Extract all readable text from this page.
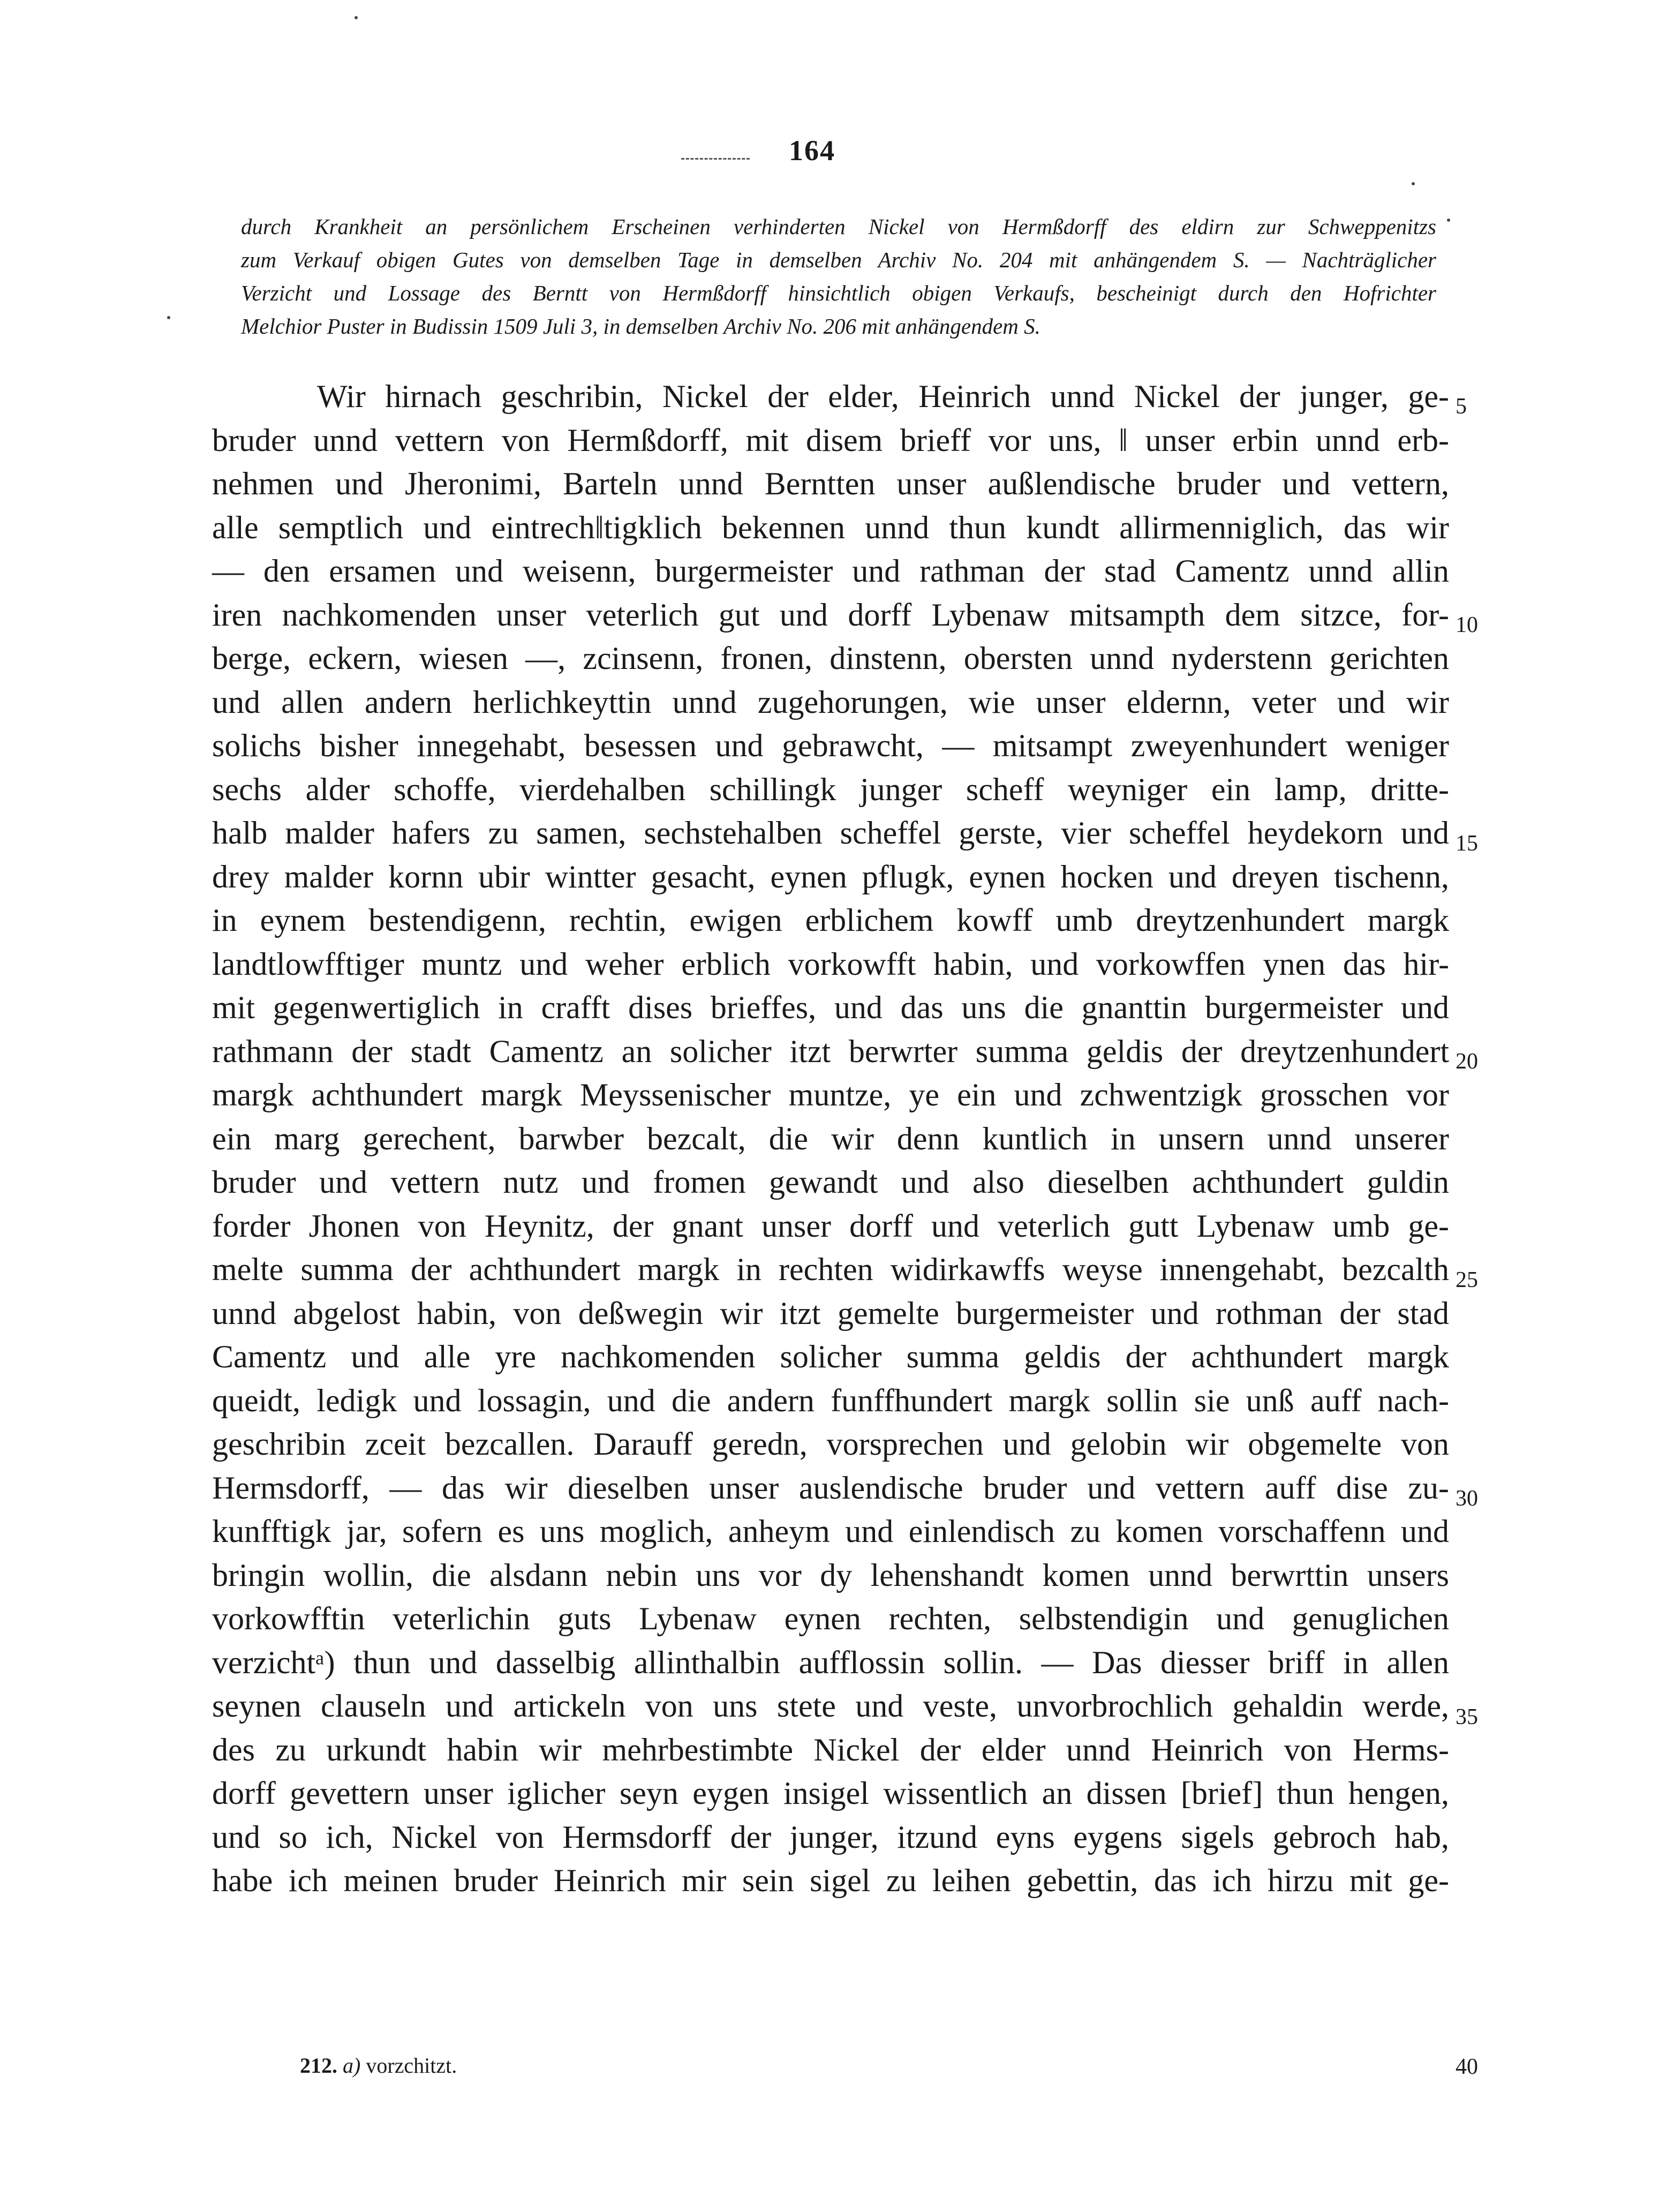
164
durch Krankheit an persönlichem Erscheinen verhinderten Nickel von Hermßdorff des eldirn zur Schweppenitzs
zum Verkauf obigen Gutes von demselben Tage in demselben Archiv No. 204 mit anhängendem S. — Nachträglicher
Verzicht und Lossage des Berntt von Hermßdorff hinsichtlich obigen Verkaufs, bescheinigt durch den Hofrichter
Melchior Puster in Budissin 1509 Juli 3, in demselben Archiv No. 206 mit anhängendem S.
Wir hirnach geschribin, Nickel der elder, Heinrich unnd Nickel der junger, ge-
bruder unnd vettern von Hermßdorff, mit disem brieff vor uns, ‖ unser erbin unnd erb-
nehmen und Jheronimi, Barteln unnd Berntten unser außlendische bruder und vettern,
alle semptlich und eintrech‖tigklich bekennen unnd thun kundt allirmenniglich, das wir
— den ersamen und weisenn, burgermeister und rathman der stad Camentz unnd allin
iren nachkomenden unser veterlich gut und dorff Lybenaw mitsampth dem sitzce, for-
berge, eckern, wiesen —, zcinsenn, fronen, dinstenn, obersten unnd nyderstenn gerichten
und allen andern herlichkeyttin unnd zugehorungen, wie unser eldernn, veter und wir
solichs bisher innegehabt, besessen und gebrawcht, — mitsampt zweyenhundert weniger
sechs alder schoffe, vierdehalben schillingk junger scheff weyniger ein lamp, dritte-
halb malder hafers zu samen, sechstehalben scheffel gerste, vier scheffel heydekorn und
drey malder kornn ubir wintter gesacht, eynen pflugk, eynen hocken und dreyen tischenn,
in eynem bestendigenn, rechtin, ewigen erblichem kowff umb dreytzenhundert margk
landtlowfftiger muntz und weher erblich vorkowfft habin, und vorkowffen ynen das hir-
mit gegenwertiglich in crafft dises brieffes, und das uns die gnanttin burgermeister und
rathmann der stadt Camentz an solicher itzt berwrter summa geldis der dreytzenhundert
margk achthundert margk Meyssenischer muntze, ye ein und zchwentzigk grosschen vor
ein marg gerechent, barwber bezcalt, die wir denn kuntlich in unsern unnd unserer
bruder und vettern nutz und fromen gewandt und also dieselben achthundert guldin
forder Jhonen von Heynitz, der gnant unser dorff und veterlich gutt Lybenaw umb ge-
melte summa der achthundert margk in rechten widirkawffs weyse innengehabt, bezcalth
unnd abgelost habin, von deßwegin wir itzt gemelte burgermeister und rothman der stad
Camentz und alle yre nachkomenden solicher summa geldis der achthundert margk
queidt, ledigk und lossagin, und die andern funffhundert margk sollin sie unß auff nach-
geschribin zceit bezcallen. Darauff geredn, vorsprechen und gelobin wir obgemelte von
Hermsdorff, — das wir dieselben unser auslendische bruder und vettern auff dise zu-
kunfftigk jar, sofern es uns moglich, anheym und einlendisch zu komen vorschaffenn und
bringin wollin, die alsdann nebin uns vor dy lehenshandt komen unnd berwrttin unsers
vorkowfftin veterlichin guts Lybenaw eynen rechten, selbstendigin und genuglichen
verzichtᵃ) thun und dasselbig allinthalbin aufflossin sollin. — Das diesser briff in allen
seynen clauseln und artickeln von uns stete und veste, unvorbrochlich gehaldin werde,
des zu urkundt habin wir mehrbestimbte Nickel der elder unnd Heinrich von Herms-
dorff gevettern unser iglicher seyn eygen insigel wissentlich an dissen [brief] thun hengen,
und so ich, Nickel von Hermsdorff der junger, itzund eyns eygens sigels gebroch hab,
habe ich meinen bruder Heinrich mir sein sigel zu leihen gebettin, das ich hirzu mit ge-
5
10
15
20
25
30
35
40
212. a) vorzchitzt.
